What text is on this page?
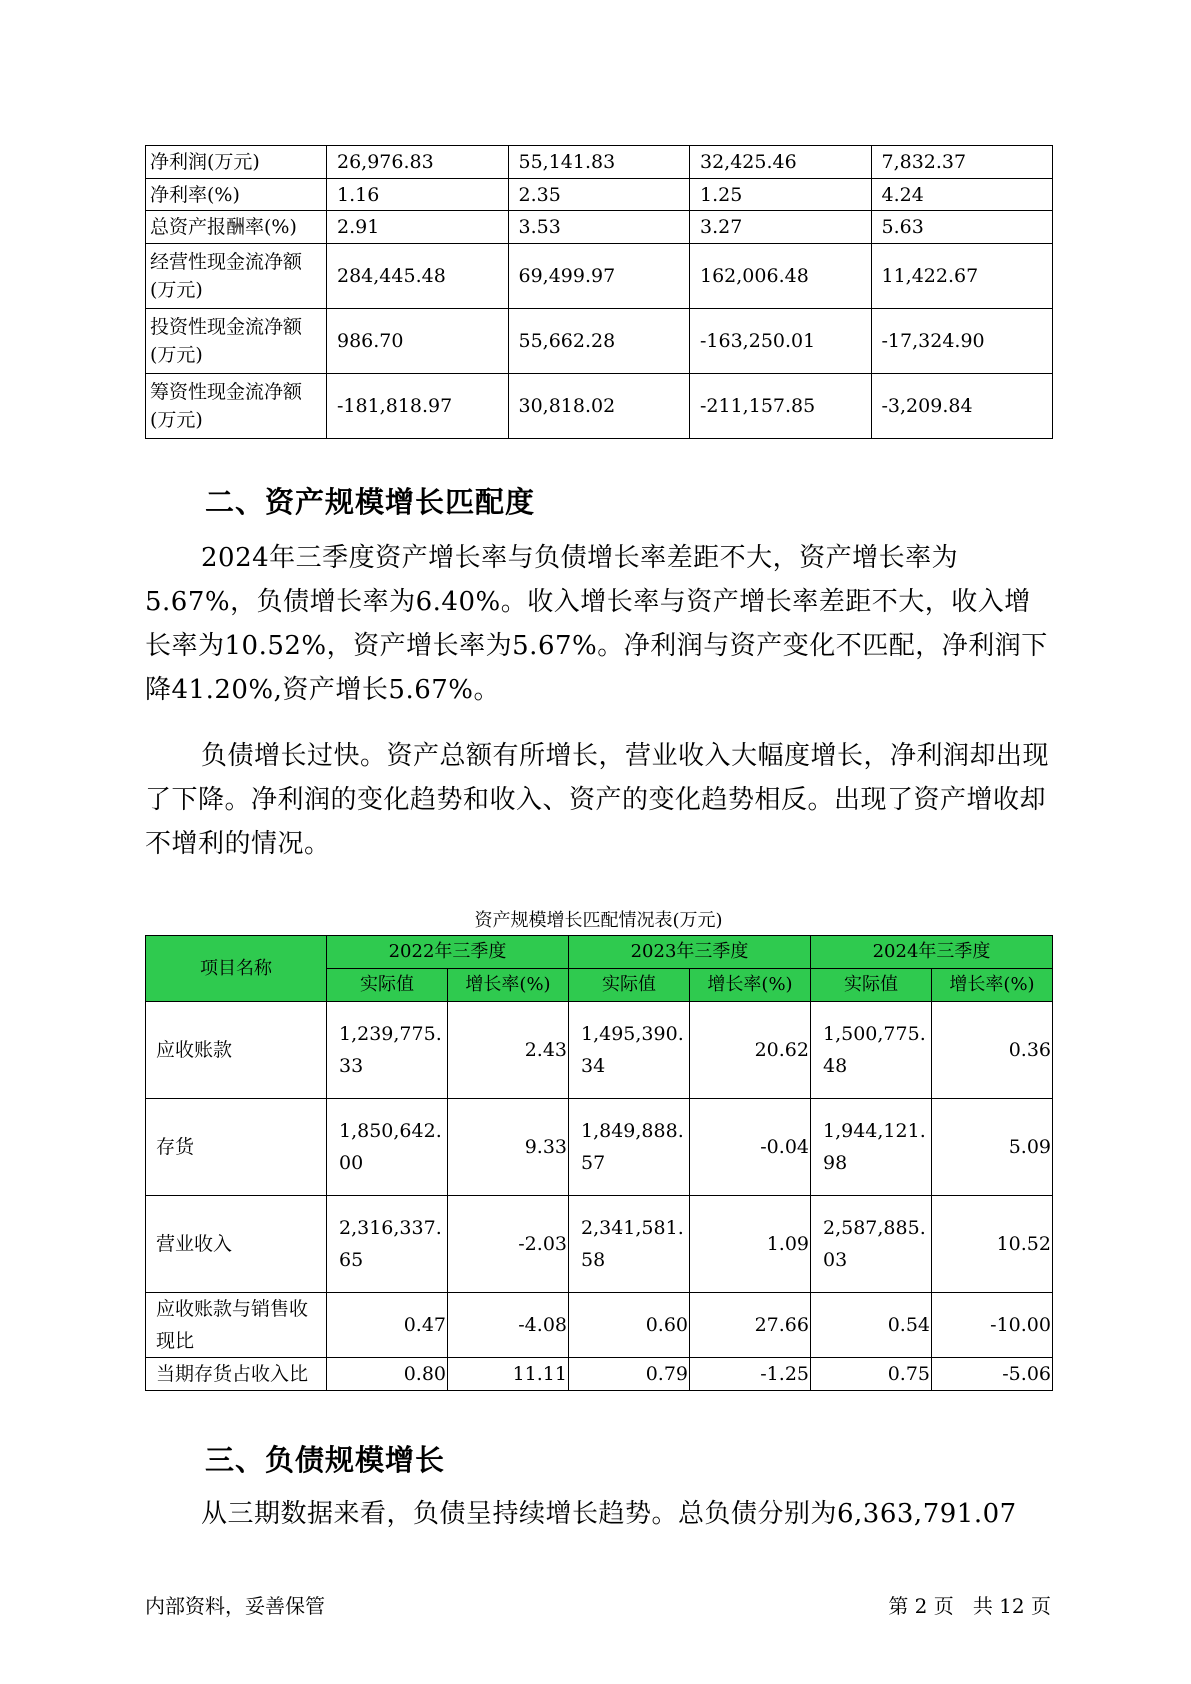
净利润(万元)	26,976.83	55,141.83	32,425.46	7,832.37
净利率(%)	1.16	2.35	1.25	4.24
总资产报酬率(%)	2.91	3.53	3.27	5.63
经营性现金流净额(万元)	284,445.48	69,499.97	162,006.48	11,422.67
投资性现金流净额(万元)	986.70	55,662.28	-163,250.01	-17,324.90
筹资性现金流净额(万元)	-181,818.97	30,818.02	-211,157.85	-3,209.84
二、资产规模增长匹配度

2024年三季度资产增长率与负债增长率差距不大，资产增长率为5.67%，负债增长率为6.40%。收入增长率与资产增长率差距不大，收入增长率为10.52%，资产增长率为5.67%。净利润与资产变化不匹配，净利润下降41.20%,资产增长5.67%。

负债增长过快。资产总额有所增长，营业收入大幅度增长，净利润却出现了下降。净利润的变化趋势和收入、资产的变化趋势相反。出现了资产增收却不增利的情况。

资产规模增长匹配情况表(万元)
项目名称	2022年三季度		2023年三季度		2024年三季度	
	实际值	增长率(%)	实际值	增长率(%)	实际值	增长率(%)
应收账款	1,239,775.33	2.43	1,495,390.34	20.62	1,500,775.48	0.36
存货	1,850,642.00	9.33	1,849,888.57	-0.04	1,944,121.98	5.09
营业收入	2,316,337.65	-2.03	2,341,581.58	1.09	2,587,885.03	10.52
应收账款与销售收现比	0.47	-4.08	0.60	27.66	0.54	-10.00
当期存货占收入比	0.80	11.11	0.79	-1.25	0.75	-5.06
三、负债规模增长

从三期数据来看，负债呈持续增长趋势。总负债分别为6,363,791.07

内部资料，妥善保管	第 2 页   共 12 页
